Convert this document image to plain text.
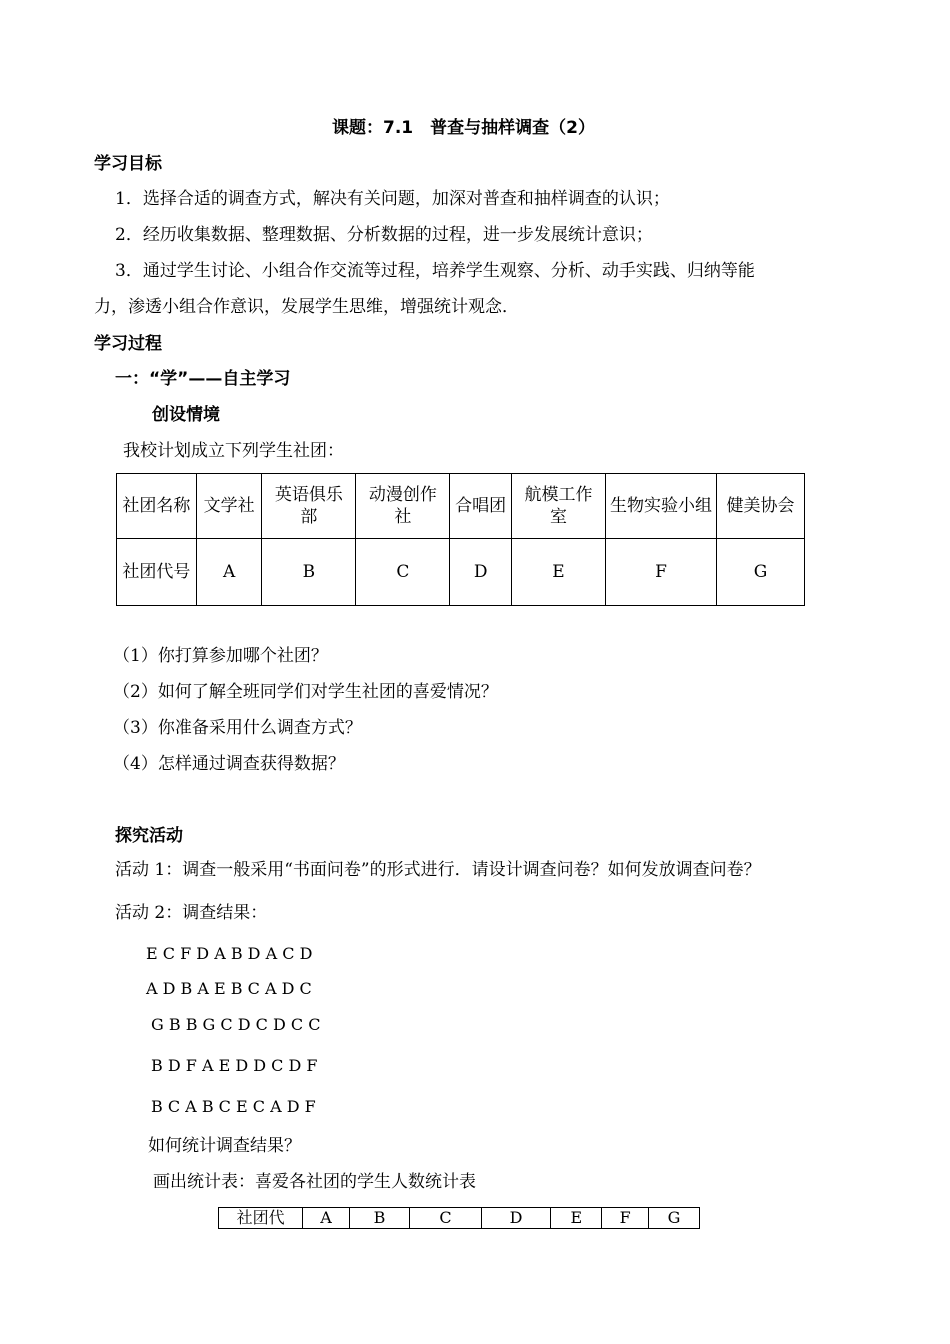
课题：7.1　普查与抽样调查（2）
学习目标
1．选择合适的调查方式，解决有关问题，加深对普查和抽样调查的认识；
2．经历收集数据、整理数据、分析数据的过程，进一步发展统计意识；
3．通过学生讨论、小组合作交流等过程，培养学生观察、分析、动手实践、归纳等能
力，渗透小组合作意识，发展学生思维，增强统计观念．
学习过程
一：“学”——自主学习
创设情境
我校计划成立下列学生社团：
社团名称	文学社	英语俱乐部	动漫创作社	合唱团	航模工作室	生物实验小组	健美协会
社团代号	A	B	C	D	E	F	G
（1）你打算参加哪个社团？
（2）如何了解全班同学们对学生社团的喜爱情况？
（3）你准备采用什么调查方式？
（4）怎样通过调查获得数据？
探究活动
活动 1：调查一般采用“书面问卷”的形式进行．请设计调查问卷？如何发放调查问卷？
活动 2：调查结果：
E C F D A B D A C D
A D B A E B C A D C
G B B G C D C D C C
B D F A E D D C D F
B C A B C E C A D F
如何统计调查结果？
画出统计表：喜爱各社团的学生人数统计表
社团代	A	B	C	D	E	F	G
